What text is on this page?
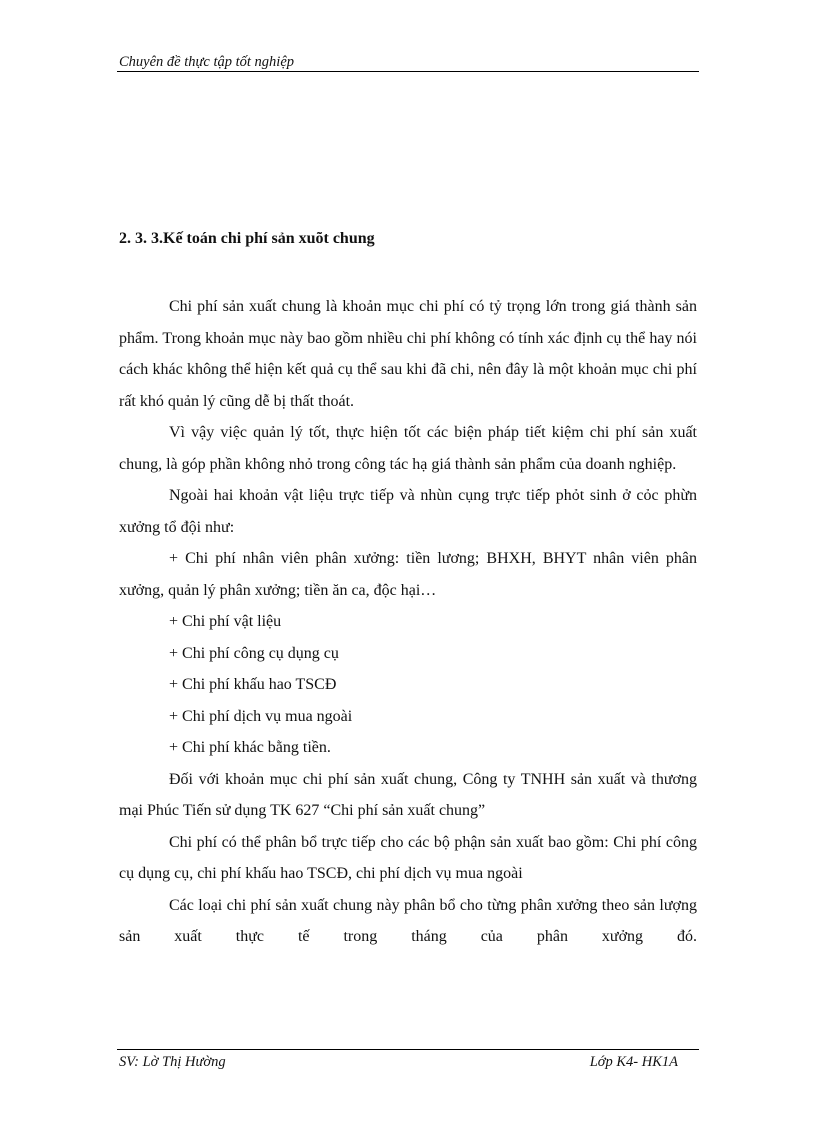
Chuyên đề thực tập tốt nghiệp
2. 3. 3.Kế toán chi phí sản xuõt chung

Chi phí sản xuất chung là khoản mục chi phí có tỷ trọng lớn trong giá thành sản phẩm. Trong khoản mục này bao gồm nhiều chi phí không có tính xác định cụ thể hay nói cách khác không thể hiện kết quả cụ thể sau khi đã chi, nên đây là một khoản mục chi phí rất khó quản lý cũng dễ bị thất thoát.

Vì vậy việc quản lý tốt, thực hiện tốt các biện pháp tiết kiệm chi phí sản xuất chung, là góp phần không nhỏ trong công tác hạ giá thành sản phẩm của doanh nghiệp.

Ngoài hai khoản vật liệu trực tiếp và nhùn cụng trực tiếp phỏt sinh ở cỏc phừn xưởng tổ đội như:

+ Chi phí nhân viên phân xưởng: tiền lương; BHXH, BHYT nhân viên phân xưởng, quản lý phân xưởng; tiền ăn ca, độc hại…

+ Chi phí vật liệu

+ Chi phí công cụ dụng cụ

+ Chi phí khấu hao TSCĐ

+ Chi phí dịch vụ mua ngoài

+ Chi phí khác bằng tiền.

Đối với khoản mục chi phí sản xuất chung, Công ty TNHH sản xuất và thương mại Phúc Tiến sử dụng TK 627 “Chi phí sản xuất chung”

Chi phí có thể phân bổ trực tiếp cho các bộ phận sản xuất bao gồm: Chi phí công cụ dụng cụ, chi phí khấu hao TSCĐ, chi phí dịch vụ mua ngoài

Các loại chi phí sản xuất chung này phân bổ cho từng phân xưởng theo sản lượng sản xuất thực tế trong tháng của phân xưởng đó.

SV: Lờ Thị Hường	Lớp K4- HK1A
